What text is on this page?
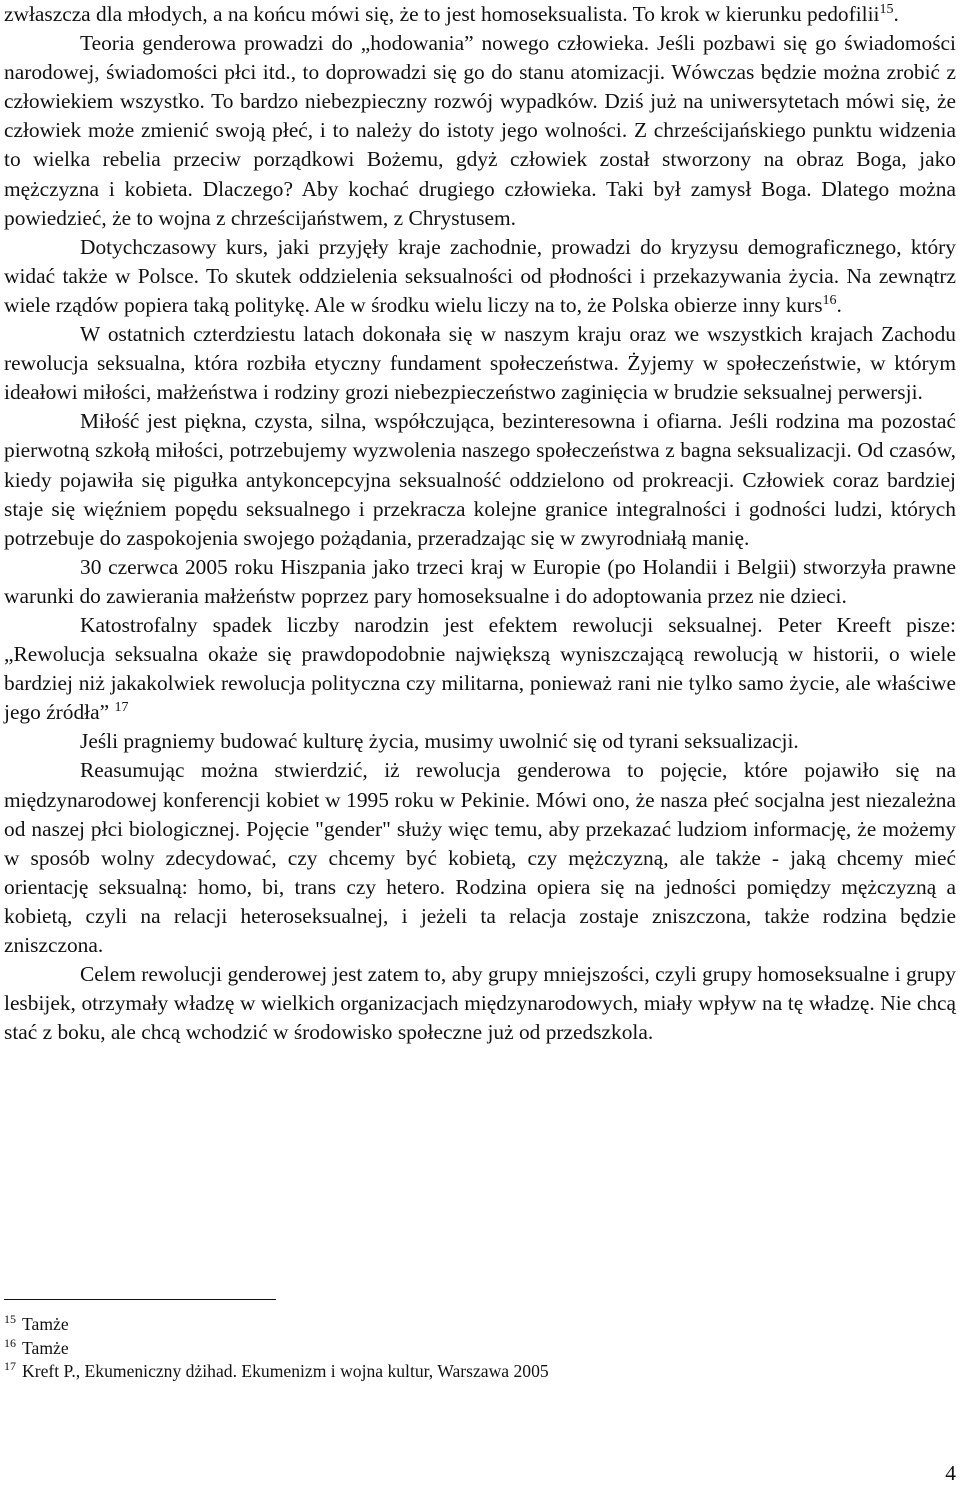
zwłaszcza dla młodych, a na końcu mówi się, że to jest homoseksualista. To krok w kierunku pedofilii$^{15}$.

Teoria genderowa prowadzi do „hodowania” nowego człowieka. Jeśli pozbawi się go świadomości narodowej, świadomości płci itd., to doprowadzi się go do stanu atomizacji. Wówczas będzie można zrobić z człowiekiem wszystko. To bardzo niebezpieczny rozwój wypadków. Dziś już na uniwersytetach mówi się, że człowiek może zmienić swoją płeć, i to należy do istoty jego wolności. Z chrześcijańskiego punktu widzenia to wielka rebelia przeciw porządkowi Bożemu, gdyż człowiek został stworzony na obraz Boga, jako mężczyzna i kobieta. Dlaczego? Aby kochać drugiego człowieka. Taki był zamysł Boga. Dlatego można powiedzieć, że to wojna z chrześcijaństwem, z Chrystusem.

Dotychczasowy kurs, jaki przyjęły kraje zachodnie, prowadzi do kryzysu demograficznego, który widać także w Polsce. To skutek oddzielenia seksualności od płodności i przekazywania życia. Na zewnątrz wiele rządów popiera taką politykę. Ale w środku wielu liczy na to, że Polska obierze inny kurs$^{16}$.

W ostatnich czterdziestu latach dokonała się w naszym kraju oraz we wszystkich krajach Zachodu rewolucja seksualna, która rozbiła etyczny fundament społeczeństwa. Żyjemy w społeczeństwie, w którym ideałowi miłości, małżeństwa i rodziny grozi niebezpieczeństwo zaginięcia w brudzie seksualnej perwersji.

Miłość jest piękna, czysta, silna, współczująca, bezinteresowna i ofiarna. Jeśli rodzina ma pozostać pierwotną szkołą miłości, potrzebujemy wyzwolenia naszego społeczeństwa z bagna seksualizacji. Od czasów, kiedy pojawiła się pigułka antykoncepcyjna seksualność oddzielono od prokreacji. Człowiek coraz bardziej staje się więźniem popędu seksualnego i przekracza kolejne granice integralności i godności ludzi, których potrzebuje do zaspokojenia swojego pożądania, przeradzając się w zwyrodniałą manię.

30 czerwca 2005 roku Hiszpania jako trzeci kraj w Europie (po Holandii i Belgii) stworzyła prawne warunki do zawierania małżeństw poprzez pary homoseksualne i do adoptowania przez nie dzieci.

Katostrofalny spadek liczby narodzin jest efektem rewolucji seksualnej. Peter Kreeft pisze: „Rewolucja seksualna okaże się prawdopodobnie największą wyniszczającą rewolucją w historii, o wiele bardziej niż jakakolwiek rewolucja polityczna czy militarna, ponieważ rani nie tylko samo życie, ale właściwe jego źródła” $^{17}$

Jeśli pragniemy budować kulturę życia, musimy uwolnić się od tyrani seksualizacji.

Reasumując można stwierdzić, iż rewolucja genderowa to pojęcie, które pojawiło się na międzynarodowej konferencji kobiet w 1995 roku w Pekinie. Mówi ono, że nasza płeć socjalna jest niezależna od naszej płci biologicznej. Pojęcie "gender" służy więc temu, aby przekazać ludziom informację, że możemy w sposób wolny zdecydować, czy chcemy być kobietą, czy mężczyzną, ale także - jaką chcemy mieć orientację seksualną: homo, bi, trans czy hetero. Rodzina opiera się na jedności pomiędzy mężczyzną a kobietą, czyli na relacji heteroseksualnej, i jeżeli ta relacja zostaje zniszczona, także rodzina będzie zniszczona.

Celem rewolucji genderowej jest zatem to, aby grupy mniejszości, czyli grupy homoseksualne i grupy lesbijek, otrzymały władzę w wielkich organizacjach międzynarodowych, miały wpływ na tę władzę. Nie chcą stać z boku, ale chcą wchodzić w środowisko społeczne już od przedszkola.

$^{15}$ Tamże
$^{16}$ Tamże
$^{17}$ Kreft P., Ekumeniczny dżihad. Ekumenizm i wojna kultur, Warszawa 2005
4
